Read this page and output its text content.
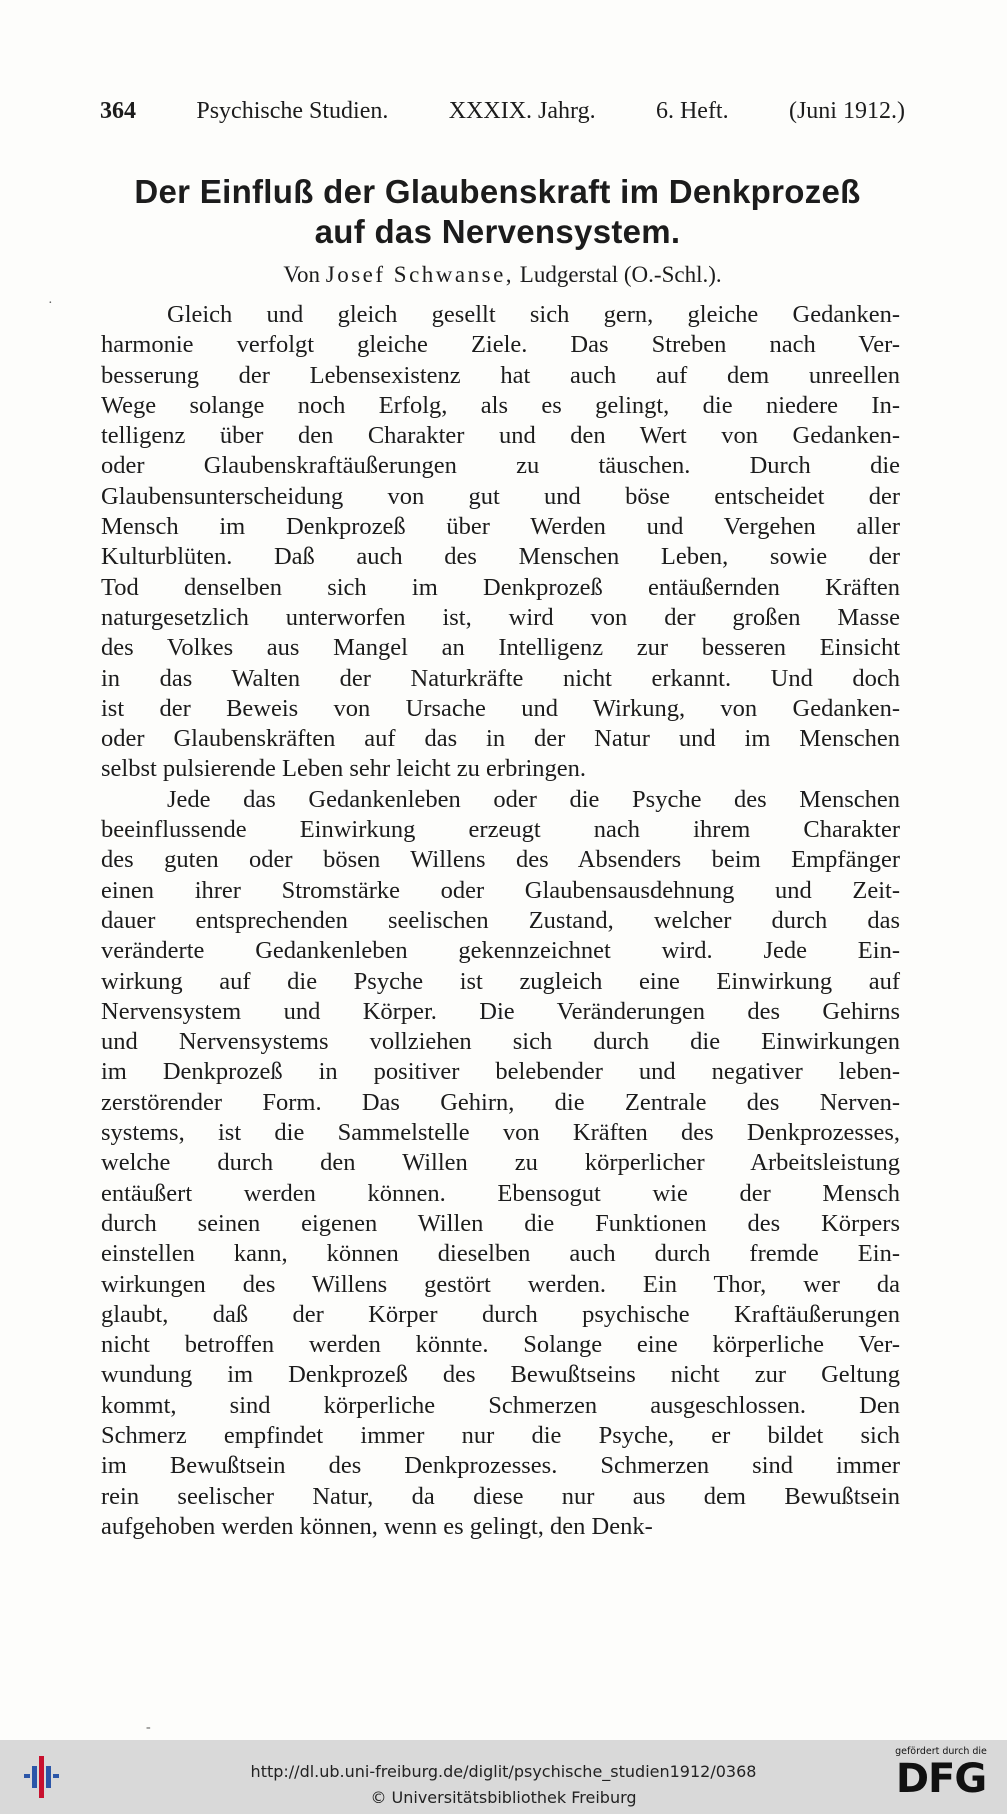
364	Psychische Studien.	XXXIX. Jahrg.	6. Heft.	(Juni 1912.)
Der Einfluß der Glaubenskraft im Denkprozeß
auf das Nervensystem.
Von Josef Schwanse, Ludgerstal (O.-Schl.).
·
-
Gleich und gleich gesellt sich gern, gleiche Gedanken-
harmonie verfolgt gleiche Ziele. Das Streben nach Ver-
besserung der Lebensexistenz hat auch auf dem unreellen
Wege solange noch Erfolg, als es gelingt, die niedere In-
telligenz über den Charakter und den Wert von Gedanken-
oder Glaubenskraftäußerungen zu täuschen. Durch die
Glaubensunterscheidung von gut und böse entscheidet der
Mensch im Denkprozeß über Werden und Vergehen aller
Kulturblüten. Daß auch des Menschen Leben, sowie der
Tod denselben sich im Denkprozeß entäußernden Kräften
naturgesetzlich unterworfen ist, wird von der großen Masse
des Volkes aus Mangel an Intelligenz zur besseren Einsicht
in das Walten der Naturkräfte nicht erkannt. Und doch
ist der Beweis von Ursache und Wirkung, von Gedanken-
oder Glaubenskräften auf das in der Natur und im Menschen
selbst pulsierende Leben sehr leicht zu erbringen.
Jede das Gedankenleben oder die Psyche des Menschen
beeinflussende Einwirkung erzeugt nach ihrem Charakter
des guten oder bösen Willens des Absenders beim Empfänger
einen ihrer Stromstärke oder Glaubensausdehnung und Zeit-
dauer entsprechenden seelischen Zustand, welcher durch das
veränderte Gedankenleben gekennzeichnet wird. Jede Ein-
wirkung auf die Psyche ist zugleich eine Einwirkung auf
Nervensystem und Körper. Die Veränderungen des Gehirns
und Nervensystems vollziehen sich durch die Einwirkungen
im Denkprozeß in positiver belebender und negativer leben-
zerstörender Form. Das Gehirn, die Zentrale des Nerven-
systems, ist die Sammelstelle von Kräften des Denkprozesses,
welche durch den Willen zu körperlicher Arbeitsleistung
entäußert werden können. Ebensogut wie der Mensch
durch seinen eigenen Willen die Funktionen des Körpers
einstellen kann, können dieselben auch durch fremde Ein-
wirkungen des Willens gestört werden. Ein Thor, wer da
glaubt, daß der Körper durch psychische Kraftäußerungen
nicht betroffen werden könnte. Solange eine körperliche Ver-
wundung im Denkprozeß des Bewußtseins nicht zur Geltung
kommt, sind körperliche Schmerzen ausgeschlossen. Den
Schmerz empfindet immer nur die Psyche, er bildet sich
im Bewußtsein des Denkprozesses. Schmerzen sind immer
rein seelischer Natur, da diese nur aus dem Bewußtsein
aufgehoben werden können, wenn es gelingt, den Denk-
http://dl.ub.uni-freiburg.de/diglit/psychische_studien1912/0368
© Universitätsbibliothek Freiburg
gefördert durch die
DFG
